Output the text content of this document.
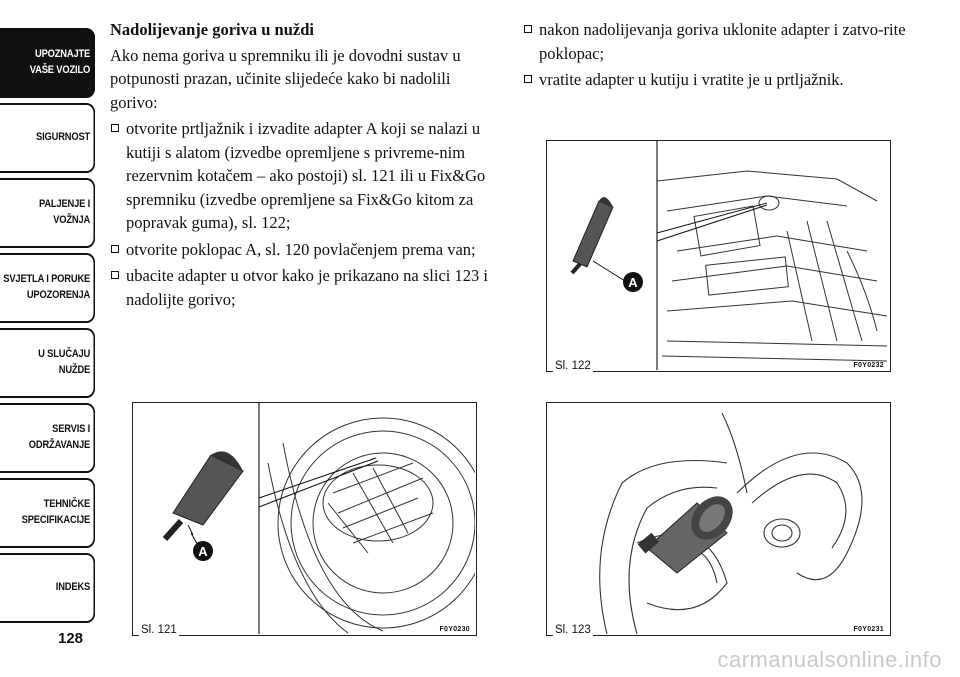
UPOZNAJTE
VAŠE VOZILO
SIGURNOST
PALJENJE I
VOŽNJA
SVJETLA I PORUKE
UPOZORENJA
U SLUČAJU
NUŽDE
SERVIS I
ODRŽAVANJE
TEHNIČKE
SPECIFIKACIJE
INDEKS
128
Nadolijevanje goriva u nuždi
Ako nema goriva u spremniku ili je dovodni sustav u potpunosti prazan, učinite slijedeće kako bi nadolili gorivo:
otvorite prtljažnik i izvadite adapter A koji se nalazi u kutiji s alatom (izvedbe opremljene s privreme-nim rezervnim kotačem – ako postoji) sl. 121 ili u Fix&Go spremniku (izvedbe opremljene sa Fix&Go kitom za popravak guma), sl. 122;
otvorite poklopac A, sl. 120 povlačenjem prema van;
ubacite adapter u otvor kako je prikazano na slici 123 i nadolijte gorivo;
nakon nadolijevanja goriva uklonite adapter i zatvo-rite poklopac;
vratite adapter u kutiju i vratite je u prtljažnik.
A
Sl. 122	F0Y0232
A
Sl. 121	F0Y0230	Sl. 123	F0Y0231
carmanualsonline.info
